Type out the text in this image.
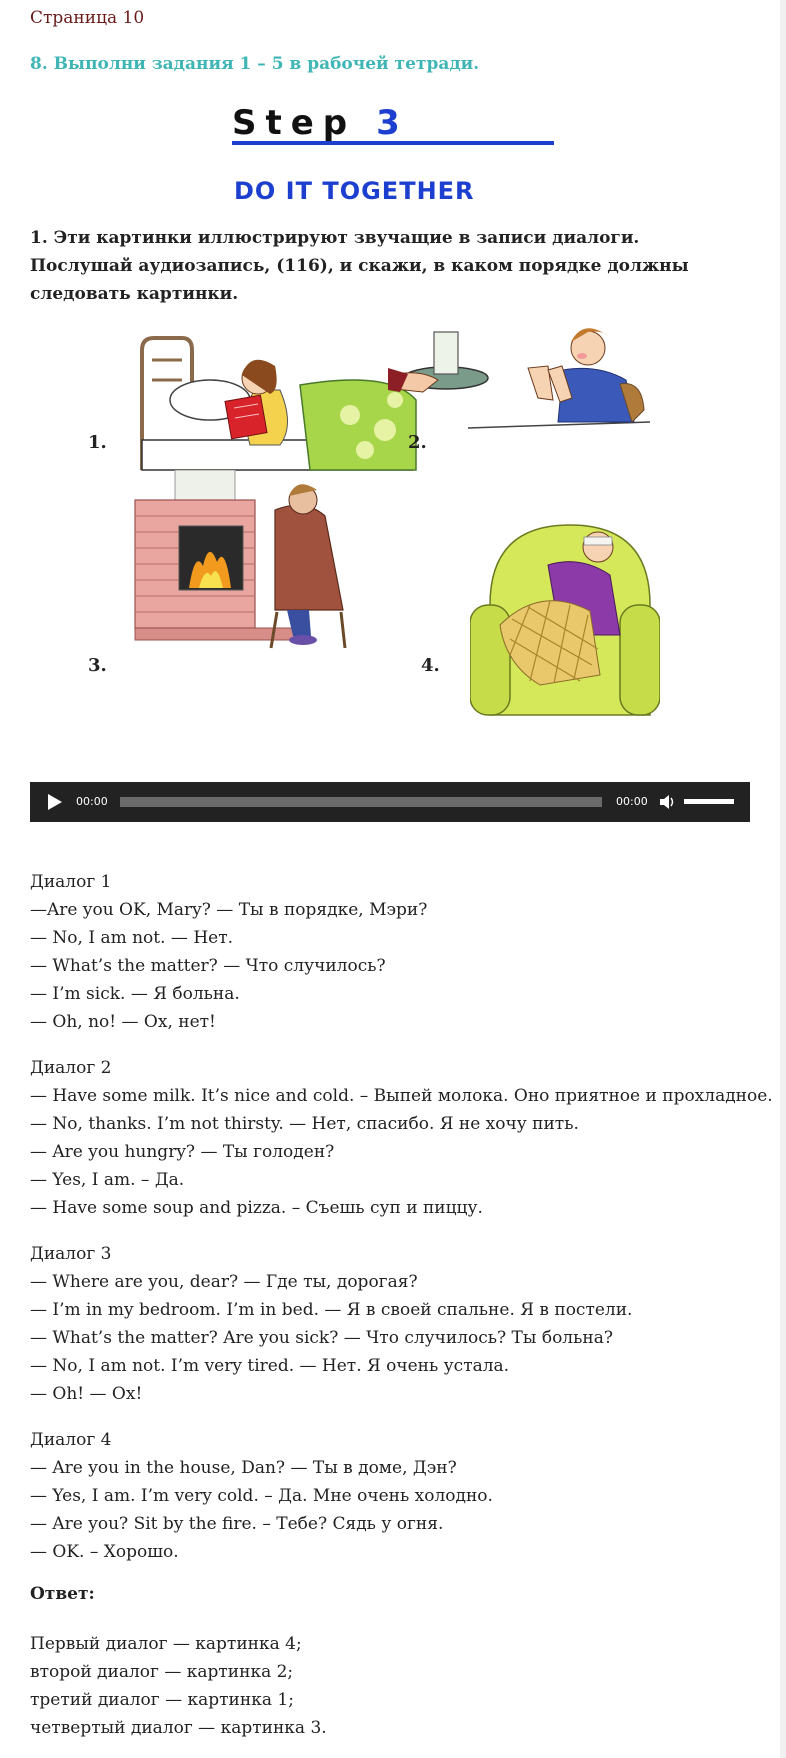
Страница 10
8. Выполни задания 1 – 5 в рабочей тетради.
Step 3
DO IT TOGETHER
1. Эти картинки иллюстрируют звучащие в записи диалоги. Послушай аудиозапись, (116), и скажи, в каком порядке должны следовать картинки.
1.	2.
3.	4.
00:00	00:00
Диалог 1
—Are you OK, Mary? — Ты в порядке, Мэри?
— No, I am not. — Нет.
— What’s the matter? — Что случилось?
— I’m sick. — Я больна.
— Oh, no! — Ох, нет!
Диалог 2
— Have some milk. It’s nice and cold. – Выпей молока. Оно приятное и прохладное.
— No, thanks. I’m not thirsty. — Нет, спасибо. Я не хочу пить.
— Are you hungry? — Ты голоден?
— Yes, I am. – Да.
— Have some soup and pizza. – Съешь суп и пиццу.
Диалог 3
— Where are you, dear? — Где ты, дорогая?
— I’m in my bedroom. I’m in bed. — Я в своей спальне. Я в постели.
— What’s the matter? Are you sick? — Что случилось? Ты больна?
— No, I am not. I’m very tired. — Нет. Я очень устала.
— Oh! — Ох!
Диалог 4
— Are you in the house, Dan? — Ты в доме, Дэн?
— Yes, I am. I’m very cold. – Да. Мне очень холодно.
— Are you? Sit by the fire. – Тебе? Сядь у огня.
— OK. – Хорошо.
Ответ:
Первый диалог — картинка 4;
второй диалог — картинка 2;
третий диалог — картинка 1;
четвертый диалог — картинка 3.
